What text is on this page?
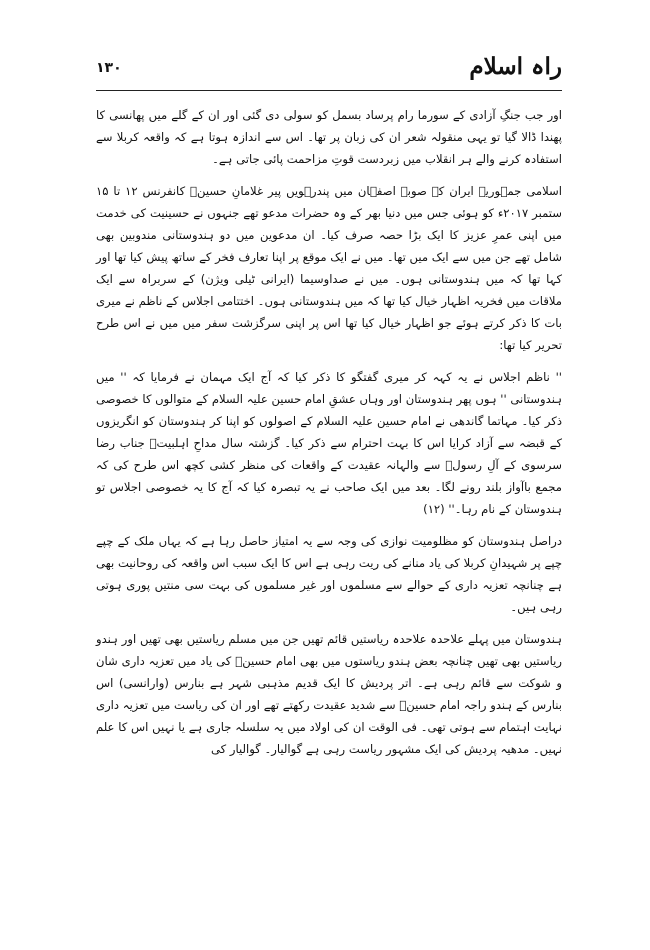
راہ اسلام
۱۳۰

اور جب جنگِ آزادی کے سورما رام پرساد بسمل کو سولی دی گئی اور ان کے گلے میں پھانسی کا پھندا ڈالا گیا تو یہی منقولہ شعر ان کی زبان پر تھا۔ اس سے اندازہ ہوتا ہے کہ واقعہ کربلا سے استفادہ کرنے والے ہر انقلاب میں زبردست قوتِ مزاحمت پائی جاتی ہے۔

اسلامی جمہوریہ ایران کے صوبہ اصفہان میں پندرہویں پیر غلامانِ حسینؑ کانفرنس ۱۲ تا ۱۵ ستمبر ۲۰۱۷ء کو ہوئی جس میں دنیا بھر کے وہ حضرات مدعو تھے جنہوں نے حسینیت کی خدمت میں اپنی عمرِ عزیز کا ایک بڑا حصہ صرف کیا۔ ان مدعوین میں دو ہندوستانی مندوبین بھی شامل تھے جن میں سے ایک میں تھا۔ میں نے ایک موقع پر اپنا تعارف فخر کے ساتھ پیش کیا تھا اور کہا تھا کہ میں ہندوستانی ہوں۔ میں نے صداوسیما (ایرانی ٹیلی ویژن) کے سربراہ سے ایک ملاقات میں فخریہ اظہار خیال کیا تھا کہ میں ہندوستانی ہوں۔ اختتامی اجلاس کے ناظم نے میری بات کا ذکر کرتے ہوئے جو اظہار خیال کیا تھا اس پر اپنی سرگزشت سفر میں میں نے اس طرح تحریر کیا تھا:

'' ناظم اجلاس نے یہ کہہ کر میری گفتگو کا ذکر کیا کہ آج ایک مہمان نے فرمایا کہ '' میں ہندوستانی '' ہوں پھر ہندوستان اور وہاں عشقِ امام حسین علیہ السلام کے متوالوں کا خصوصی ذکر کیا۔ مہاتما گاندھی نے امام حسین علیہ السلام کے اصولوں کو اپنا کر ہندوستان کو انگریزوں کے قبضہ سے آزاد کرایا اس کا بہت احترام سے ذکر کیا۔ گزشتہ سال مداحِ اہلبیتؑ جناب رضا سرسوی کے آلِ رسولؐ سے والہانہ عقیدت کے واقعات کی منظر کشی کچھ اس طرح کی کہ مجمع باآواز بلند رونے لگا۔ بعد میں ایک صاحب نے یہ تبصرہ کیا کہ آج کا یہ خصوصی اجلاس تو ہندوستان کے نام رہا۔'' (۱۲)

دراصل ہندوستان کو مظلومیت نوازی کی وجہ سے یہ امتیاز حاصل رہا ہے کہ یہاں ملک کے چپے چپے پر شہیدانِ کربلا کی یاد منانے کی ریت رہی ہے اس کا ایک سبب اس واقعہ کی روحانیت بھی ہے چنانچہ تعزیہ داری کے حوالے سے مسلموں اور غیر مسلموں کی بہت سی منتیں پوری ہوتی رہی ہیں۔

ہندوستان میں پہلے علاحدہ علاحدہ ریاستیں قائم تھیں جن میں مسلم ریاستیں بھی تھیں اور ہندو ریاستیں بھی تھیں چنانچہ بعض ہندو ریاستوں میں بھی امام حسینؑ کی یاد میں تعزیہ داری شان و شوکت سے قائم رہی ہے۔ اتر پردیش کا ایک قدیم مذہبی شہر ہے بنارس (وارانسی) اس بنارس کے ہندو راجہ امام حسینؑ سے شدید عقیدت رکھتے تھے اور ان کی ریاست میں تعزیہ داری نہایت اہتمام سے ہوتی تھی۔ فی الوقت ان کی اولاد میں یہ سلسلہ جاری ہے یا نہیں اس کا علم نہیں۔ مدھیہ پردیش کی ایک مشہور ریاست رہی ہے گوالیار۔ گوالیار کی
